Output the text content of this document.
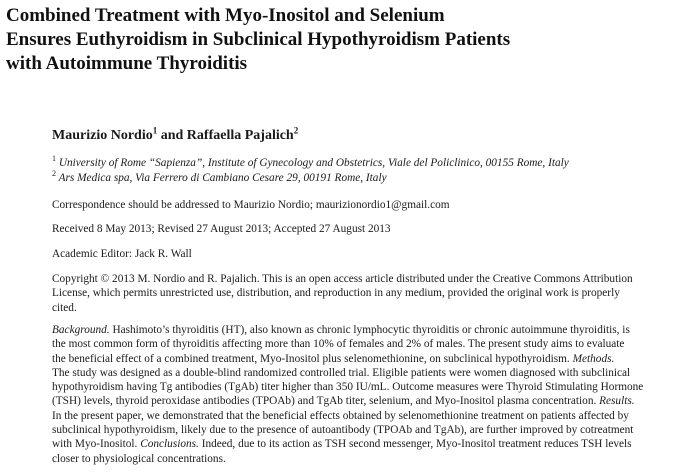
Combined Treatment with Myo-Inositol and Selenium
Ensures Euthyroidism in Subclinical Hypothyroidism Patients
with Autoimmune Thyroiditis
Maurizio Nordio$^1$ and Raffaella Pajalich$^2$
$^1$ University of Rome “Sapienza”, Institute of Gynecology and Obstetrics, Viale del Policlinico, 00155 Rome, Italy
$^2$ Ars Medica spa, Via Ferrero di Cambiano Cesare 29, 00191 Rome, Italy
Correspondence should be addressed to Maurizio Nordio; maurizionordio1@gmail.com
Received 8 May 2013; Revised 27 August 2013; Accepted 27 August 2013
Academic Editor: Jack R. Wall
Copyright © 2013 M. Nordio and R. Pajalich. This is an open access article distributed under the Creative Commons Attribution
License, which permits unrestricted use, distribution, and reproduction in any medium, provided the original work is properly
cited.
Background. Hashimoto’s thyroiditis (HT), also known as chronic lymphocytic thyroiditis or chronic autoimmune thyroiditis, is
the most common form of thyroiditis affecting more than 10% of females and 2% of males. The present study aims to evaluate
the beneficial effect of a combined treatment, Myo-Inositol plus selenomethionine, on subclinical hypothyroidism. Methods.
The study was designed as a double-blind randomized controlled trial. Eligible patients were women diagnosed with subclinical
hypothyroidism having Tg antibodies (TgAb) titer higher than 350 IU/mL. Outcome measures were Thyroid Stimulating Hormone
(TSH) levels, thyroid peroxidase antibodies (TPOAb) and TgAb titer, selenium, and Myo-Inositol plasma concentration. Results.
In the present paper, we demonstrated that the beneficial effects obtained by selenomethionine treatment on patients affected by
subclinical hypothyroidism, likely due to the presence of autoantibody (TPOAb and TgAb), are further improved by cotreatment
with Myo-Inositol. Conclusions. Indeed, due to its action as TSH second messenger, Myo-Inositol treatment reduces TSH levels
closer to physiological concentrations.
